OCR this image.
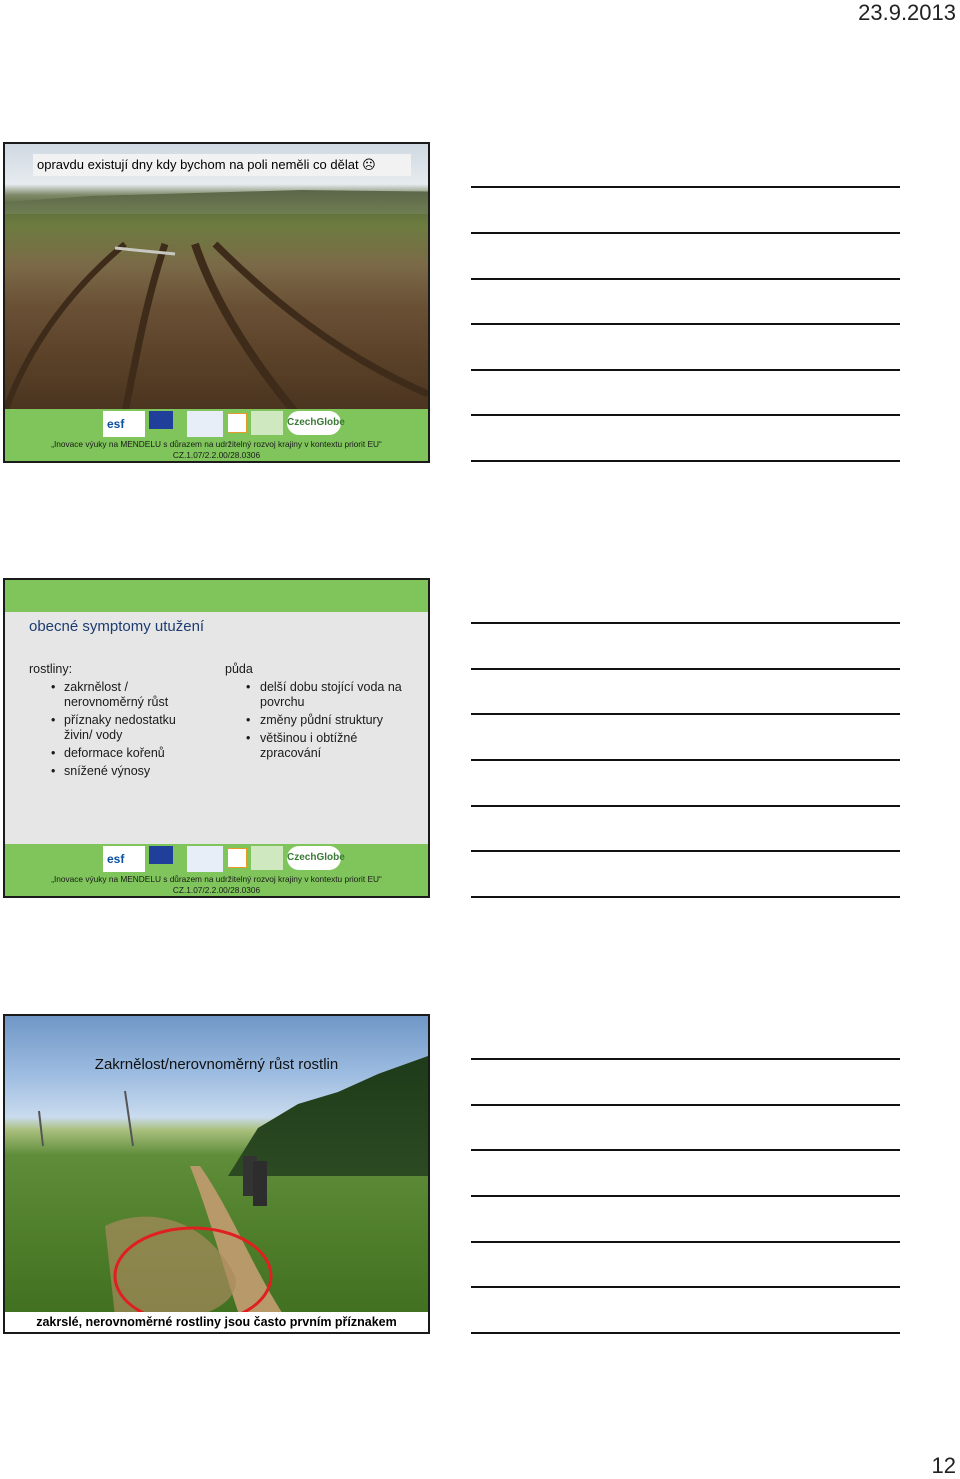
23.9.2013
opravdu existují dny kdy bychom na poli neměli co dělat ☹
esf	CzechGlobe
„Inovace výuky na MENDELU s důrazem na udržitelný rozvoj krajiny v kontextu priorit EU“
CZ.1.07/2.2.00/28.0306
obecné symptomy utužení
rostliny:
• zakrnělost / nerovnoměrný růst
• příznaky nedostatku živin/ vody
• deformace kořenů
• snížené výnosy
půda
• delší dobu stojící voda na povrchu
• změny půdní struktury
• většinou i obtížné zpracování
esf	CzechGlobe
„Inovace výuky na MENDELU s důrazem na udržitelný rozvoj krajiny v kontextu priorit EU“
CZ.1.07/2.2.00/28.0306
Zakrnělost/nerovnoměrný růst rostlin
zakrslé, nerovnoměrné rostliny jsou často prvním příznakem
12
